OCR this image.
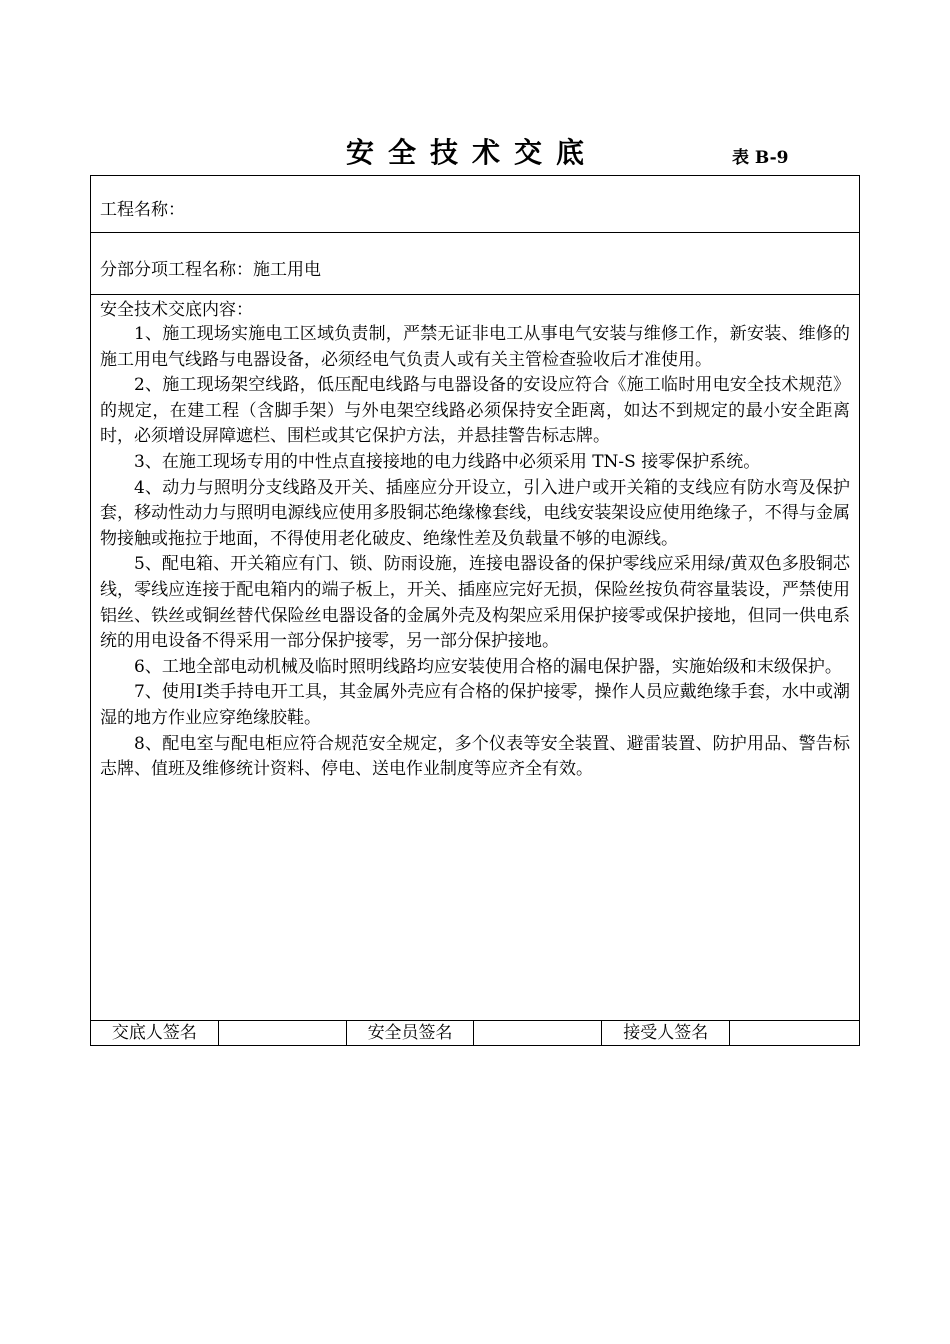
安全技术交底	表 B-9
工程名称：
分部分项工程名称：施工用电

安全技术交底内容：

1、施工现场实施电工区域负责制，严禁无证非电工从事电气安装与维修工作，新安装、维修的施工用电气线路与电器设备，必须经电气负责人或有关主管检查验收后才准使用。

2、施工现场架空线路，低压配电线路与电器设备的安设应符合《施工临时用电安全技术规范》的规定，在建工程（含脚手架）与外电架空线路必须保持安全距离，如达不到规定的最小安全距离时，必须增设屏障遮栏、围栏或其它保护方法，并悬挂警告标志牌。

3、在施工现场专用的中性点直接接地的电力线路中必须采用 TN-S 接零保护系统。

4、动力与照明分支线路及开关、插座应分开设立，引入进户或开关箱的支线应有防水弯及保护套，移动性动力与照明电源线应使用多股铜芯绝缘橡套线，电线安装架设应使用绝缘子，不得与金属物接触或拖拉于地面，不得使用老化破皮、绝缘性差及负载量不够的电源线。

5、配电箱、开关箱应有门、锁、防雨设施，连接电器设备的保护零线应采用绿/黄双色多股铜芯线，零线应连接于配电箱内的端子板上，开关、插座应完好无损，保险丝按负荷容量装设，严禁使用铝丝、铁丝或铜丝替代保险丝电器设备的金属外壳及构架应采用保护接零或保护接地，但同一供电系统的用电设备不得采用一部分保护接零，另一部分保护接地。

6、工地全部电动机械及临时照明线路均应安装使用合格的漏电保护器，实施始级和末级保护。

7、使用Ⅰ类手持电开工具，其金属外壳应有合格的保护接零，操作人员应戴绝缘手套，水中或潮湿的地方作业应穿绝缘胶鞋。

8、配电室与配电柜应符合规范安全规定，多个仪表等安全装置、避雷装置、防护用品、警告标志牌、值班及维修统计资料、停电、送电作业制度等应齐全有效。

交底人签名	安全员签名	接受人签名
